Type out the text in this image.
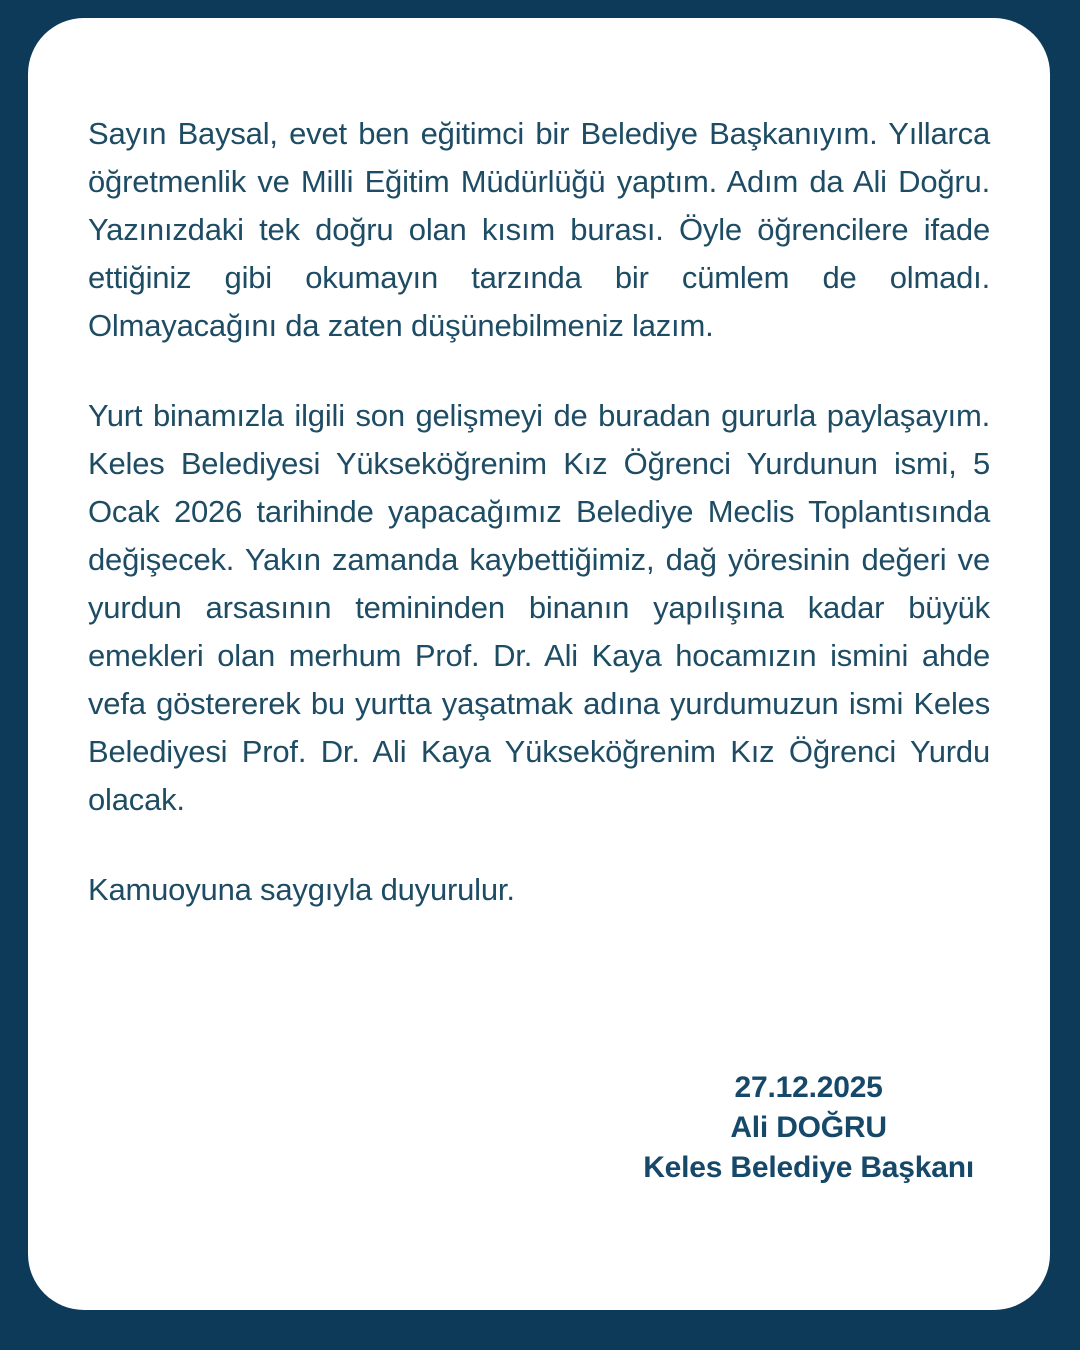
Sayın Baysal, evet ben eğitimci bir Belediye Başkanıyım. Yıllarca öğretmenlik ve Milli Eğitim Müdürlüğü yaptım. Adım da Ali Doğru. Yazınızdaki tek doğru olan kısım burası. Öyle öğrencilere ifade ettiğiniz gibi okumayın tarzında bir cümlem de olmadı. Olmayacağını da zaten düşünebilmeniz lazım.

Yurt binamızla ilgili son gelişmeyi de buradan gururla paylaşayım. Keles Belediyesi Yükseköğrenim Kız Öğrenci Yurdunun ismi, 5 Ocak 2026 tarihinde yapacağımız Belediye Meclis Toplantısında değişecek. Yakın zamanda kaybettiğimiz, dağ yöresinin değeri ve yurdun arsasının temininden binanın yapılışına kadar büyük emekleri olan merhum Prof. Dr. Ali Kaya hocamızın ismini ahde vefa göstererek bu yurtta yaşatmak adına yurdumuzun ismi Keles Belediyesi Prof. Dr. Ali Kaya Yükseköğrenim Kız Öğrenci Yurdu olacak.

Kamuoyuna saygıyla duyurulur.

27.12.2025
Ali DOĞRU
Keles Belediye Başkanı
